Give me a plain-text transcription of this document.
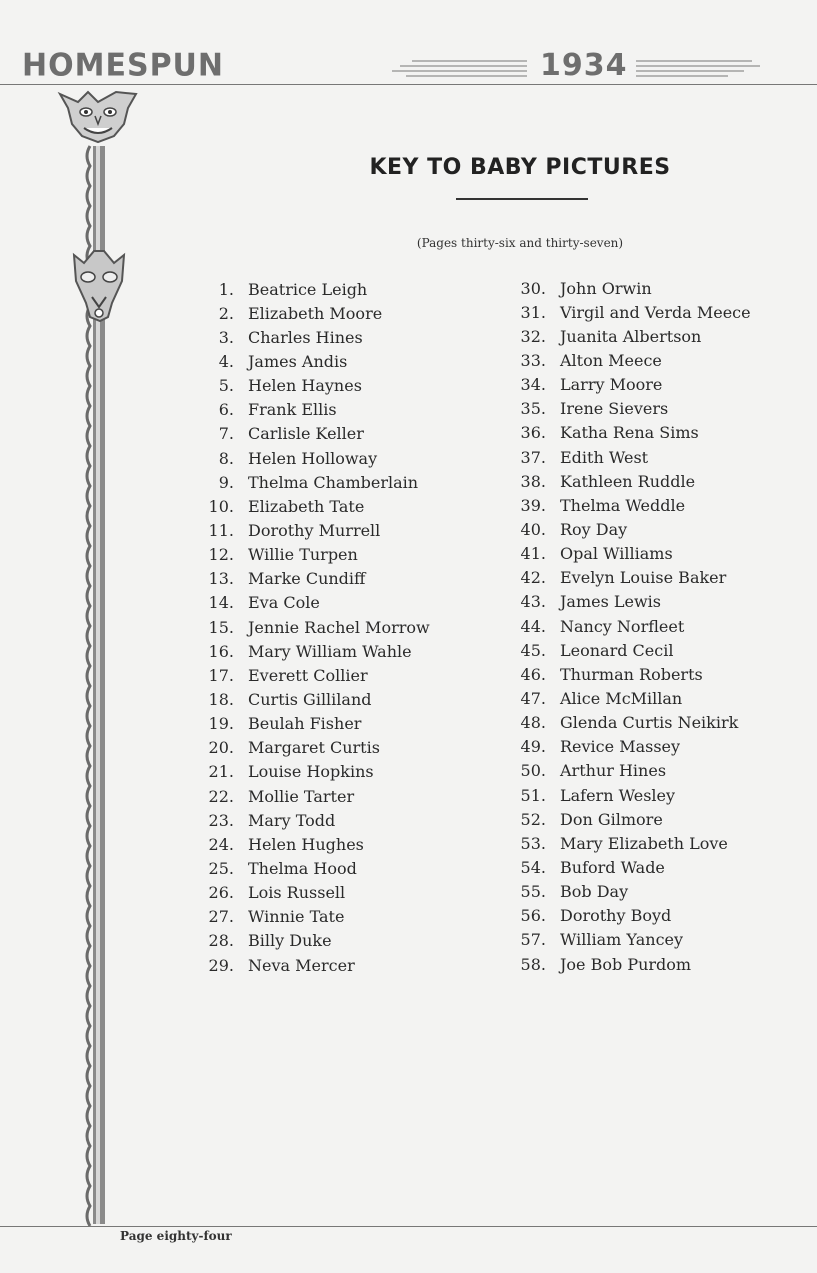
HOMESPUN	1934
KEY TO BABY PICTURES
(Pages thirty-six and thirty-seven)
1. Beatrice Leigh
2. Elizabeth Moore
3. Charles Hines
4. James Andis
5. Helen Haynes
6. Frank Ellis
7. Carlisle Keller
8. Helen Holloway
9. Thelma Chamberlain
10. Elizabeth Tate
11. Dorothy Murrell
12. Willie Turpen
13. Marke Cundiff
14. Eva Cole
15. Jennie Rachel Morrow
16. Mary William Wahle
17. Everett Collier
18. Curtis Gilliland
19. Beulah Fisher
20. Margaret Curtis
21. Louise Hopkins
22. Mollie Tarter
23. Mary Todd
24. Helen Hughes
25. Thelma Hood
26. Lois Russell
27. Winnie Tate
28. Billy Duke
29. Neva Mercer
30. John Orwin
31. Virgil and Verda Meece
32. Juanita Albertson
33. Alton Meece
34. Larry Moore
35. Irene Sievers
36. Katha Rena Sims
37. Edith West
38. Kathleen Ruddle
39. Thelma Weddle
40. Roy Day
41. Opal Williams
42. Evelyn Louise Baker
43. James Lewis
44. Nancy Norfleet
45. Leonard Cecil
46. Thurman Roberts
47. Alice McMillan
48. Glenda Curtis Neikirk
49. Revice Massey
50. Arthur Hines
51. Lafern Wesley
52. Don Gilmore
53. Mary Elizabeth Love
54. Buford Wade
55. Bob Day
56. Dorothy Boyd
57. William Yancey
58. Joe Bob Purdom
Page eighty-four
